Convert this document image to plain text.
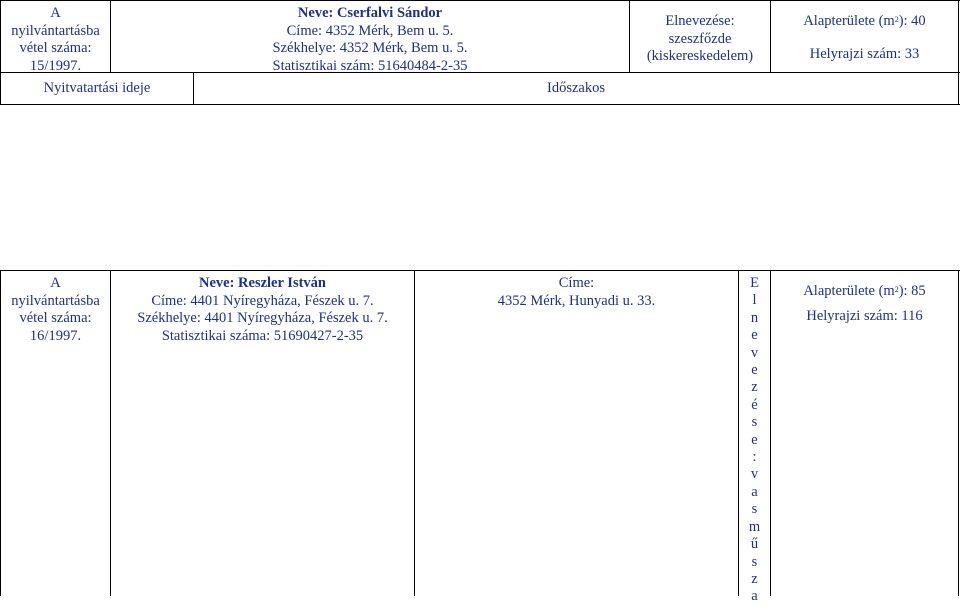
A
nyilvántartásba
vétel száma:
15/1997.
Neve: Cserfalvi Sándor
Címe: 4352 Mérk, Bem u. 5.
Székhelye: 4352 Mérk, Bem u. 5.
Statisztikai szám: 51640484-2-35
Elnevezése:
szeszfőzde
(kiskereskedelem)
Alapterülete $(m^2)$: 40
Helyrajzi szám: 33
Nyitvatartási ideje	Időszakos
A
nyilvántartásba
vétel száma:
16/1997.
Neve: Reszler István
Címe: 4401 Nyíregyháza, Fészek u. 7.
Székhelye: 4401 Nyíregyháza, Fészek u. 7.
Statisztikai száma: 51690427-2-35
Címe:
4352 Mérk, Hunyadi u. 33.
E
l
n
e
v
e
z
é
s
e
:
v
a
s
m
ű
s
z
a
Alapterülete $(m^2)$: 85
Helyrajzi szám: 116
